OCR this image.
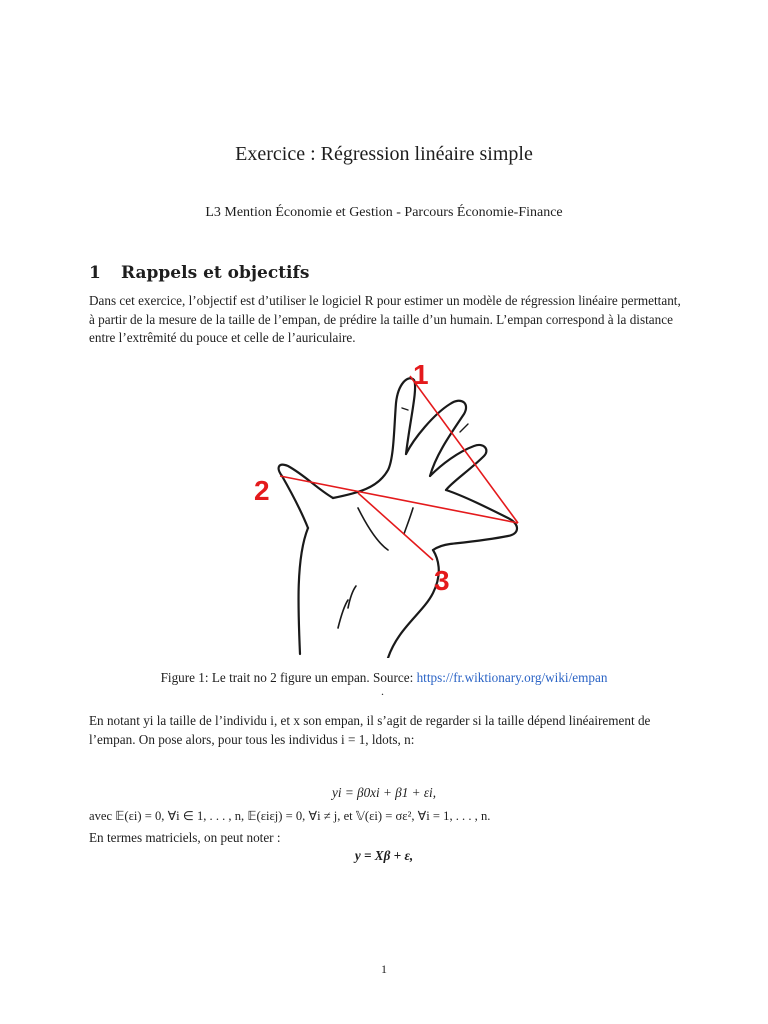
Exercice : Régression linéaire simple
L3 Mention Économie et Gestion - Parcours Économie-Finance
1 Rappels et objectifs
Dans cet exercice, l’objectif est d’utiliser le logiciel R pour estimer un modèle de régression linéaire permettant, à partir de la mesure de la taille de l’empan, de prédire la taille d’un humain. L’empan correspond à la distance entre l’extrêmité du pouce et celle de l’auriculaire.
1
2
3
Figure 1: Le trait no 2 figure un empan. Source: https://fr.wiktionary.org/wiki/empan
.
En notant yi la taille de l’individu i, et x son empan, il s’agit de regarder si la taille dépend linéairement de l’empan. On pose alors, pour tous les individus i = 1, ldots, n:
yi = β0xi + β1 + εi,
avec 𝔼(εi) = 0, ∀i ∈ 1, . . . , n, 𝔼(εiεj) = 0, ∀i ≠ j, et 𝕍(εi) = σε², ∀i = 1, . . . , n.
En termes matriciels, on peut noter :
y = Xβ + ε,
1
